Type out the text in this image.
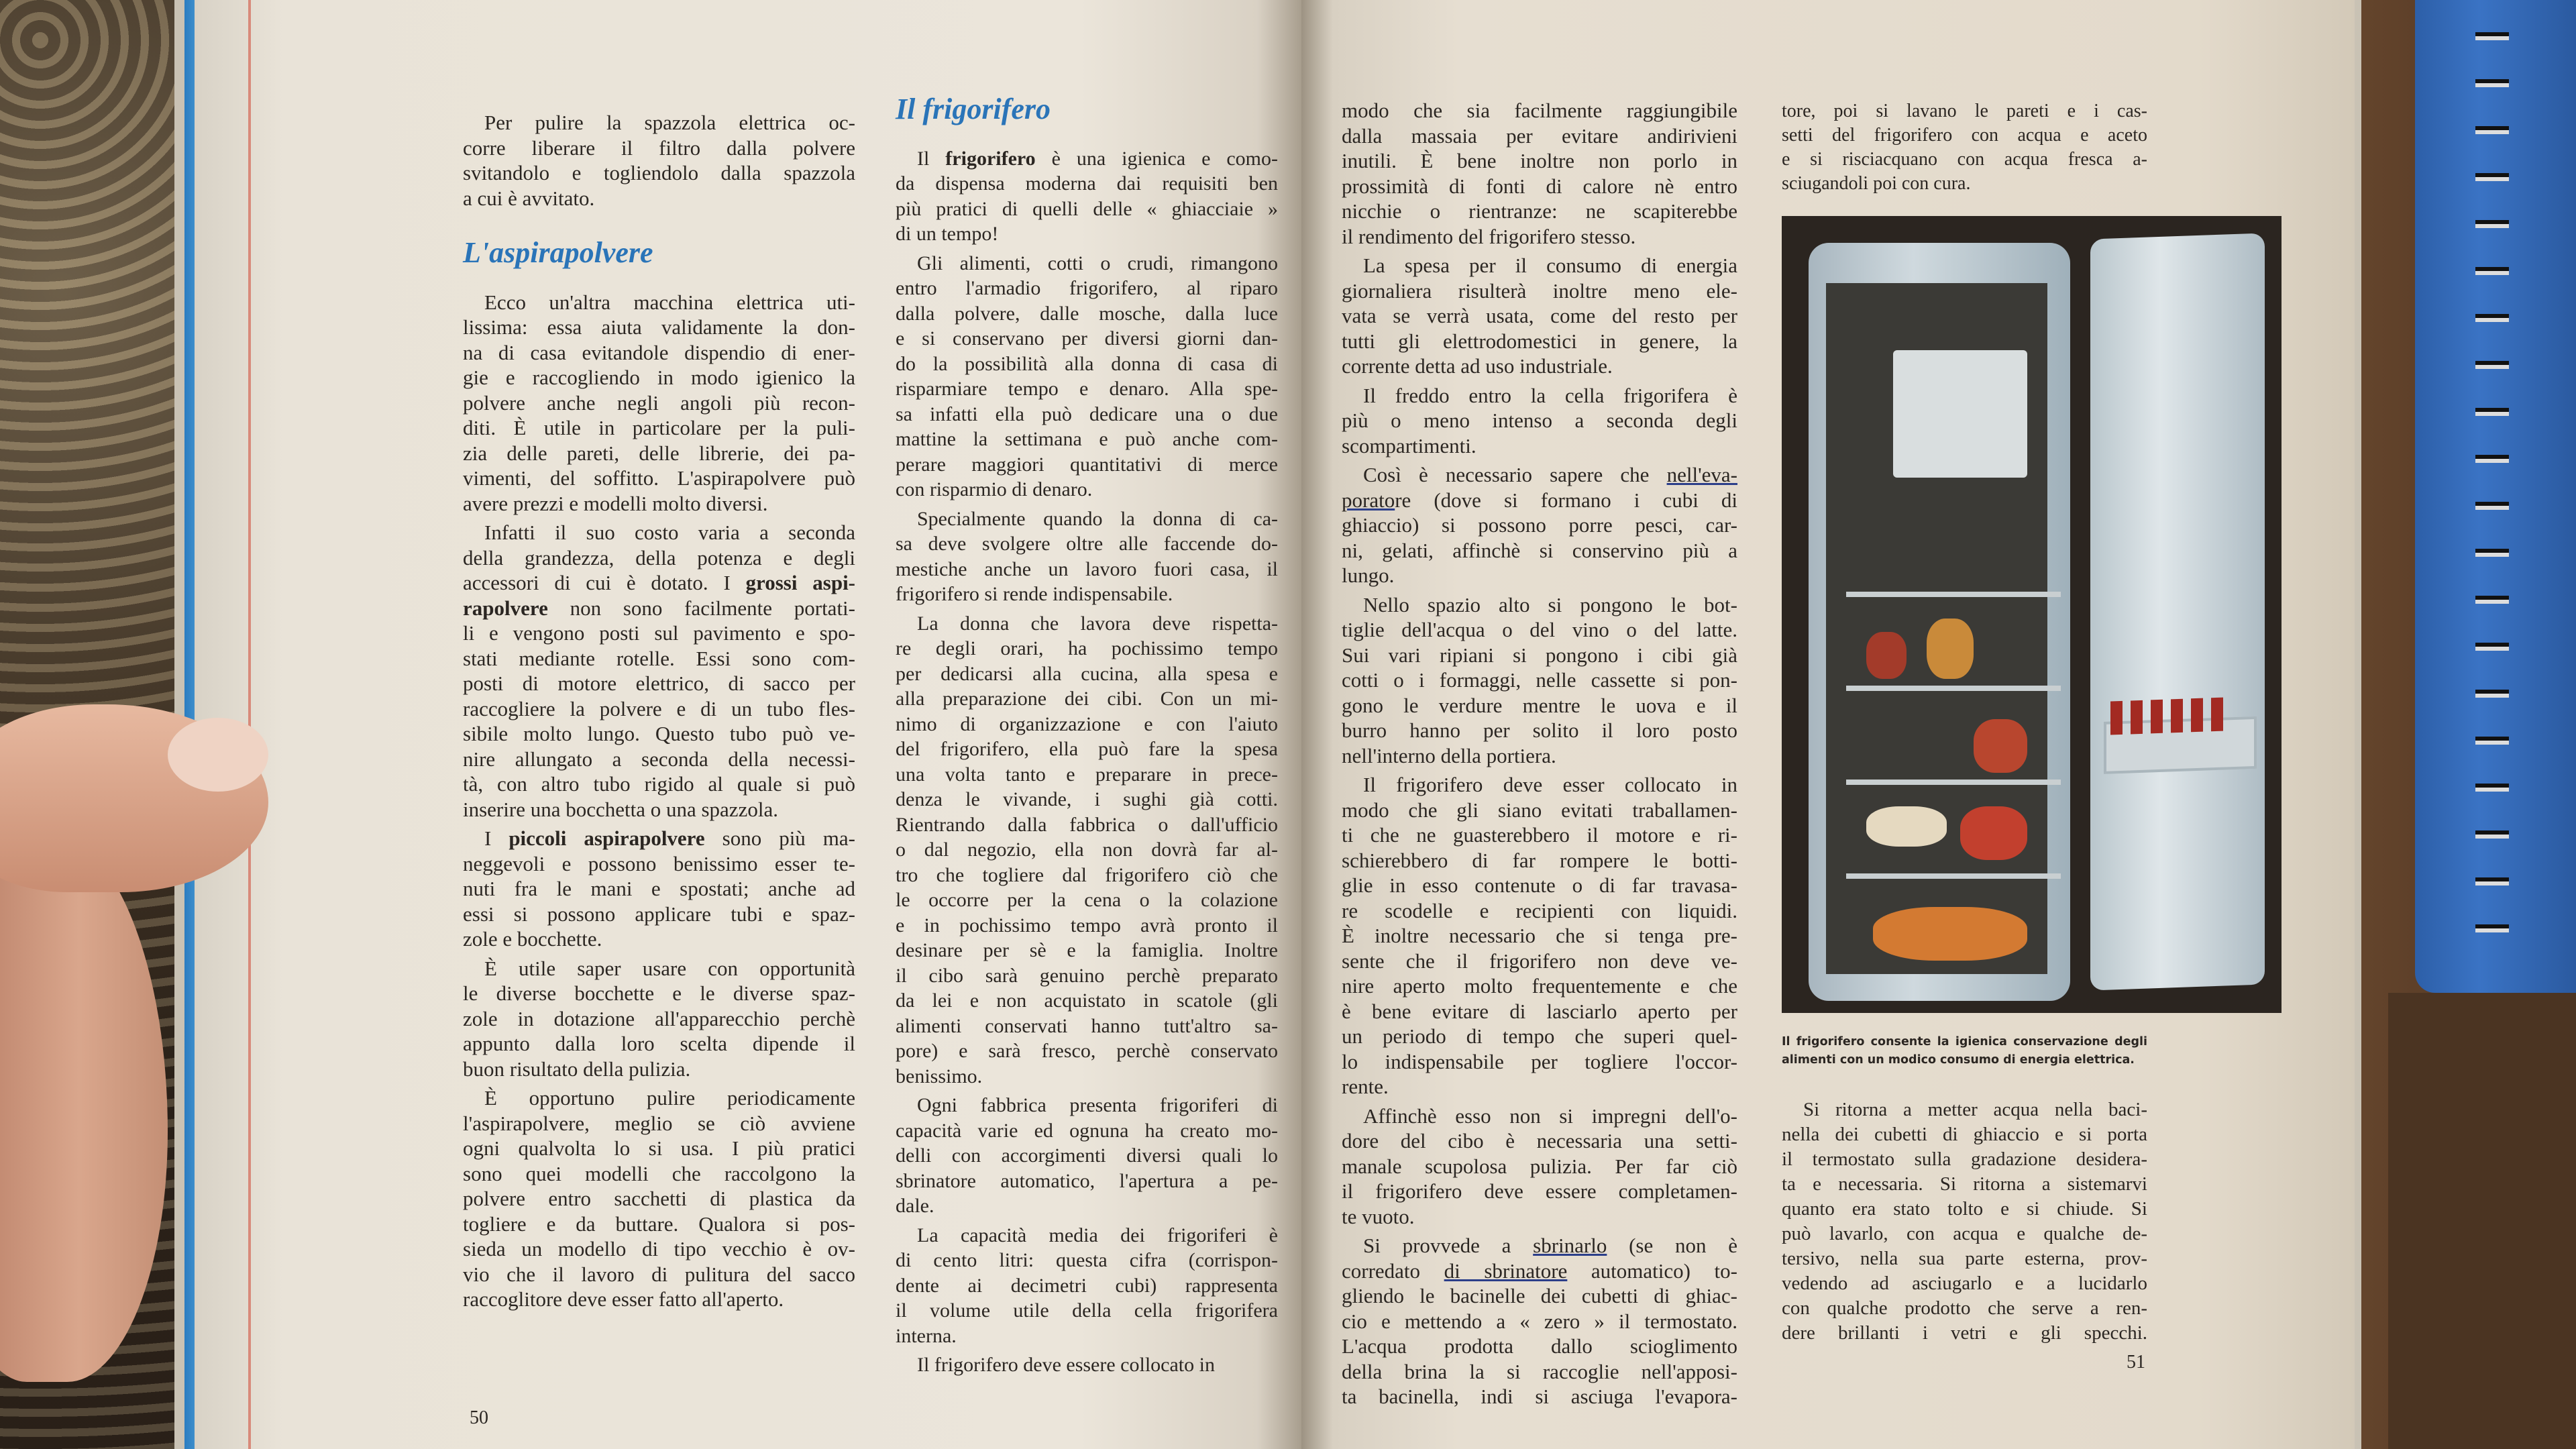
Per pulire la spazzola elettrica oc-
corre liberare il filtro dalla polvere
svitandolo e togliendolo dalla spazzola
a cui è avvitato.
L'aspirapolvere
Ecco un'altra macchina elettrica uti-
lissima: essa aiuta validamente la don-
na di casa evitandole dispendio di ener-
gie e raccogliendo in modo igienico la
polvere anche negli angoli più recon-
diti. È utile in particolare per la puli-
zia delle pareti, delle librerie, dei pa-
vimenti, del soffitto. L'aspirapolvere può
avere prezzi e modelli molto diversi.
Infatti il suo costo varia a seconda
della grandezza, della potenza e degli
accessori di cui è dotato. I grossi aspi-
rapolvere non sono facilmente portati-
li e vengono posti sul pavimento e spo-
stati mediante rotelle. Essi sono com-
posti di motore elettrico, di sacco per
raccogliere la polvere e di un tubo fles-
sibile molto lungo. Questo tubo può ve-
nire allungato a seconda della necessi-
tà, con altro tubo rigido al quale si può
inserire una bocchetta o una spazzola.
I piccoli aspirapolvere sono più ma-
neggevoli e possono benissimo esser te-
nuti fra le mani e spostati; anche ad
essi si possono applicare tubi e spaz-
zole e bocchette.
È utile saper usare con opportunità
le diverse bocchette e le diverse spaz-
zole in dotazione all'apparecchio perchè
appunto dalla loro scelta dipende il
buon risultato della pulizia.
È opportuno pulire periodicamente
l'aspirapolvere, meglio se ciò avviene
ogni qualvolta lo si usa. I più pratici
sono quei modelli che raccolgono la
polvere entro sacchetti di plastica da
togliere e da buttare. Qualora si pos-
sieda un modello di tipo vecchio è ov-
vio che il lavoro di pulitura del sacco
raccoglitore deve esser fatto all'aperto.
Il frigorifero
Il frigorifero è una igienica e como-
da dispensa moderna dai requisiti ben
più pratici di quelli delle « ghiacciaie »
di un tempo!
Gli alimenti, cotti o crudi, rimangono
entro l'armadio frigorifero, al riparo
dalla polvere, dalle mosche, dalla luce
e si conservano per diversi giorni dan-
do la possibilità alla donna di casa di
risparmiare tempo e denaro. Alla spe-
sa infatti ella può dedicare una o due
mattine la settimana e può anche com-
perare maggiori quantitativi di merce
con risparmio di denaro.
Specialmente quando la donna di ca-
sa deve svolgere oltre alle faccende do-
mestiche anche un lavoro fuori casa, il
frigorifero si rende indispensabile.
La donna che lavora deve rispetta-
re degli orari, ha pochissimo tempo
per dedicarsi alla cucina, alla spesa e
alla preparazione dei cibi. Con un mi-
nimo di organizzazione e con l'aiuto
del frigorifero, ella può fare la spesa
una volta tanto e preparare in prece-
denza le vivande, i sughi già cotti.
Rientrando dalla fabbrica o dall'ufficio
o dal negozio, ella non dovrà far al-
tro che togliere dal frigorifero ciò che
le occorre per la cena o la colazione
e in pochissimo tempo avrà pronto il
desinare per sè e la famiglia. Inoltre
il cibo sarà genuino perchè preparato
da lei e non acquistato in scatole (gli
alimenti conservati hanno tutt'altro sa-
pore) e sarà fresco, perchè conservato
benissimo.
Ogni fabbrica presenta frigoriferi di
capacità varie ed ognuna ha creato mo-
delli con accorgimenti diversi quali lo
sbrinatore automatico, l'apertura a pe-
dale.
La capacità media dei frigoriferi è
di cento litri: questa cifra (corrispon-
dente ai decimetri cubi) rappresenta
il volume utile della cella frigorifera
interna.
Il frigorifero deve essere collocato in
modo che sia facilmente raggiungibile
dalla massaia per evitare andirivieni
inutili. È bene inoltre non porlo in
prossimità di fonti di calore nè entro
nicchie o rientranze: ne scapiterebbe
il rendimento del frigorifero stesso.
La spesa per il consumo di energia
giornaliera risulterà inoltre meno ele-
vata se verrà usata, come del resto per
tutti gli elettrodomestici in genere, la
corrente detta ad uso industriale.
Il freddo entro la cella frigorifera è
più o meno intenso a seconda degli
scompartimenti.
Così è necessario sapere che nell'eva-
poratore (dove si formano i cubi di
ghiaccio) si possono porre pesci, car-
ni, gelati, affinchè si conservino più a
lungo.
Nello spazio alto si pongono le bot-
tiglie dell'acqua o del vino o del latte.
Sui vari ripiani si pongono i cibi già
cotti o i formaggi, nelle cassette si pon-
gono le verdure mentre le uova e il
burro hanno per solito il loro posto
nell'interno della portiera.
Il frigorifero deve esser collocato in
modo che gli siano evitati traballamen-
ti che ne guasterebbero il motore e ri-
schierebbero di far rompere le botti-
glie in esso contenute o di far travasa-
re scodelle e recipienti con liquidi.
È inoltre necessario che si tenga pre-
sente che il frigorifero non deve ve-
nire aperto molto frequentemente e che
è bene evitare di lasciarlo aperto per
un periodo di tempo che superi quel-
lo indispensabile per togliere l'occor-
rente.
Affinchè esso non si impregni dell'o-
dore del cibo è necessaria una setti-
manale scupolosa pulizia. Per far ciò
il frigorifero deve essere completamen-
te vuoto.
Si provvede a sbrinarlo (se non è
corredato di sbrinatore automatico) to-
gliendo le bacinelle dei cubetti di ghiac-
cio e mettendo a « zero » il termostato.
L'acqua prodotta dallo scioglimento
della brina la si raccoglie nell'apposi-
ta bacinella, indi si asciuga l'evapora-
tore, poi si lavano le pareti e i cas-
setti del frigorifero con acqua e aceto
e si risciacquano con acqua fresca a-
sciugandoli poi con cura.
Il frigorifero consente la igienica conservazione degli
alimenti con un modico consumo di energia elettrica.
Si ritorna a metter acqua nella baci-
nella dei cubetti di ghiaccio e si porta
il termostato sulla gradazione desidera-
ta e necessaria. Si ritorna a sistemarvi
quanto era stato tolto e si chiude. Si
può lavarlo, con acqua e qualche de-
tersivo, nella sua parte esterna, prov-
vedendo ad asciugarlo e a lucidarlo
con qualche prodotto che serve a ren-
dere brillanti i vetri e gli specchi.
50
51
